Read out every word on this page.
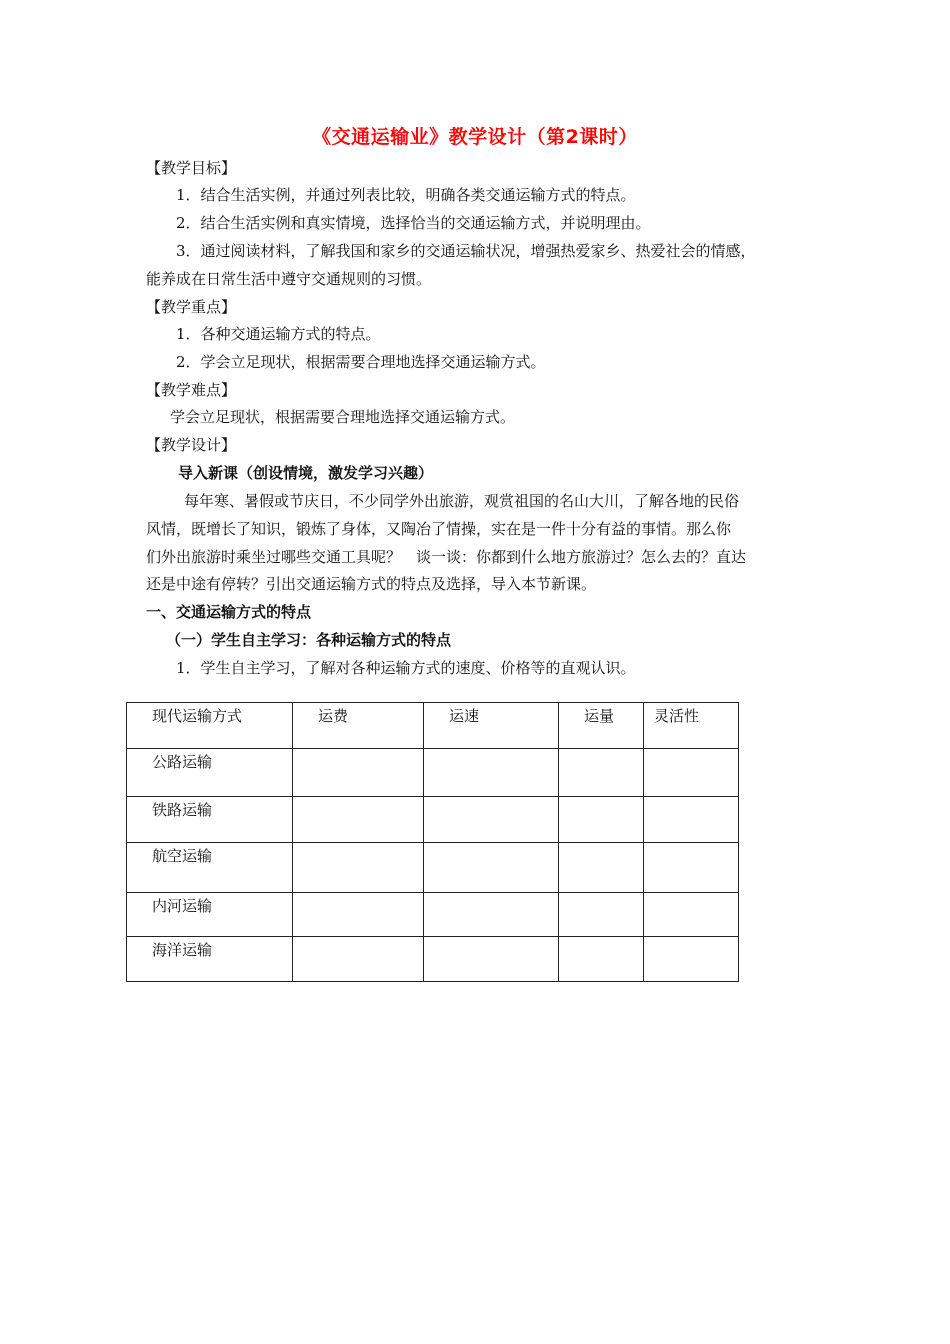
《交通运输业》教学设计（第2课时）
【教学目标】
1．结合生活实例，并通过列表比较，明确各类交通运输方式的特点。
2．结合生活实例和真实情境，选择恰当的交通运输方式，并说明理由。
3．通过阅读材料，了解我国和家乡的交通运输状况，增强热爱家乡、热爱社会的情感，
能养成在日常生活中遵守交通规则的习惯。
【教学重点】
1．各种交通运输方式的特点。
2．学会立足现状，根据需要合理地选择交通运输方式。
【教学难点】
学会立足现状，根据需要合理地选择交通运输方式。
【教学设计】
导入新课（创设情境，激发学习兴趣）
每年寒、暑假或节庆日，不少同学外出旅游，观赏祖国的名山大川，了解各地的民俗
风情，既增长了知识，锻炼了身体，又陶冶了情操，实在是一件十分有益的事情。那么你
们外出旅游时乘坐过哪些交通工具呢？　谈一谈：你都到什么地方旅游过？怎么去的？直达
还是中途有停转？引出交通运输方式的特点及选择，导入本节新课。
一、交通运输方式的特点
（一）学生自主学习：各种运输方式的特点
1．学生自主学习，了解对各种运输方式的速度、价格等的直观认识。
现代运输方式	运费	运速	运量	灵活性
公路运输				
铁路运输				
航空运输				
内河运输				
海洋运输				
